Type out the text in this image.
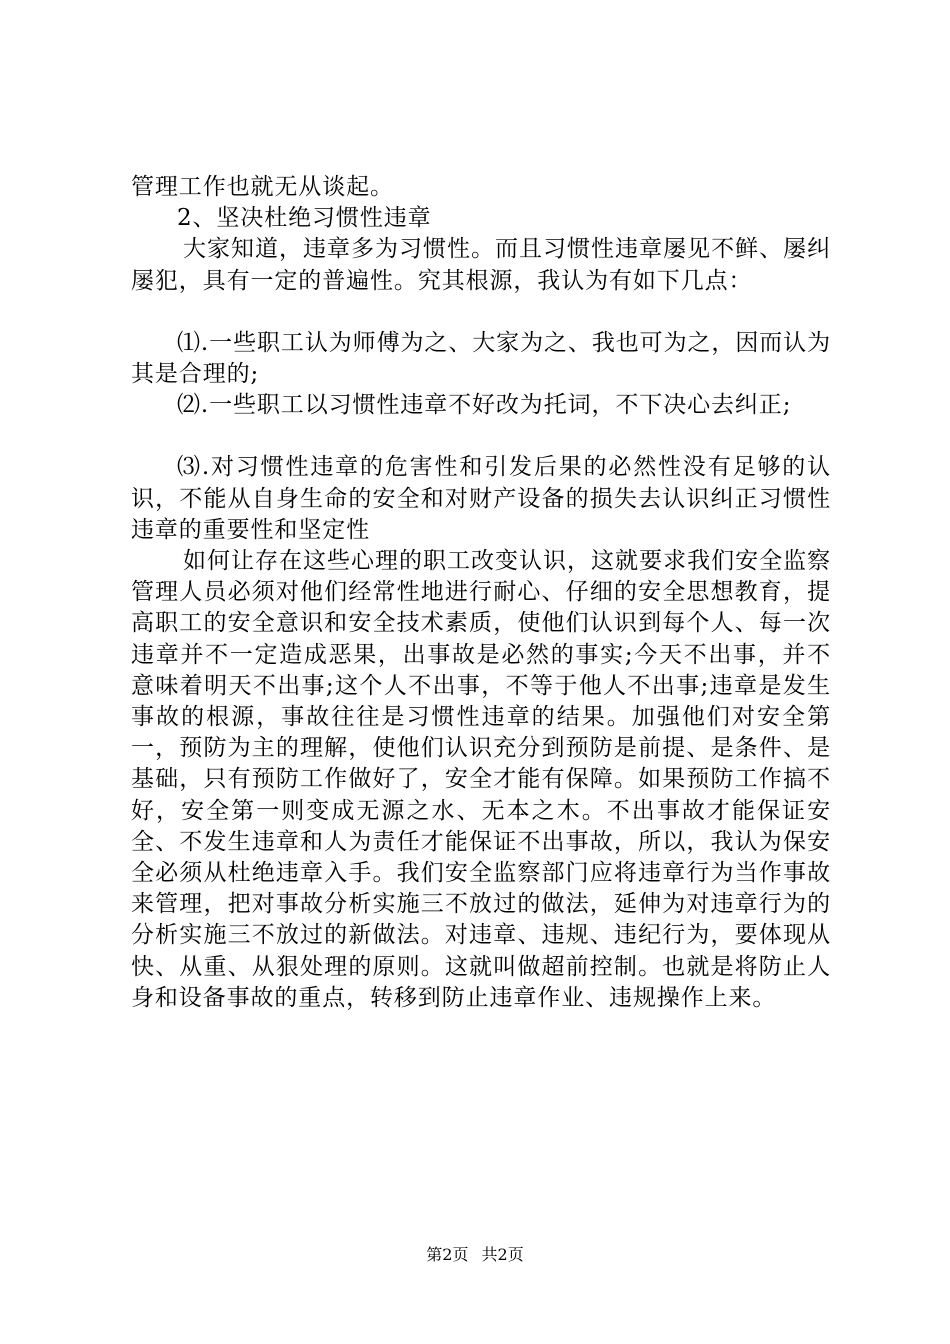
管理工作也就无从谈起。

2、坚决杜绝习惯性违章

大家知道，违章多为习惯性。而且习惯性违章屡见不鲜、屡纠屡犯，具有一定的普遍性。究其根源，我认为有如下几点：

⑴.一些职工认为师傅为之、大家为之、我也可为之，因而认为其是合理的;

⑵.一些职工以习惯性违章不好改为托词，不下决心去纠正;

⑶.对习惯性违章的危害性和引发后果的必然性没有足够的认识，不能从自身生命的安全和对财产设备的损失去认识纠正习惯性违章的重要性和坚定性

如何让存在这些心理的职工改变认识，这就要求我们安全监察管理人员必须对他们经常性地进行耐心、仔细的安全思想教育，提高职工的安全意识和安全技术素质，使他们认识到每个人、每一次违章并不一定造成恶果，出事故是必然的事实;今天不出事，并不意味着明天不出事;这个人不出事，不等于他人不出事;违章是发生事故的根源，事故往往是习惯性违章的结果。加强他们对安全第一，预防为主的理解，使他们认识充分到预防是前提、是条件、是基础，只有预防工作做好了，安全才能有保障。如果预防工作搞不好，安全第一则变成无源之水、无本之木。不出事故才能保证安全、不发生违章和人为责任才能保证不出事故，所以，我认为保安全必须从杜绝违章入手。我们安全监察部门应将违章行为当作事故来管理，把对事故分析实施三不放过的做法，延伸为对违章行为的分析实施三不放过的新做法。对违章、违规、违纪行为，要体现从快、从重、从狠处理的原则。这就叫做超前控制。也就是将防止人身和设备事故的重点，转移到防止违章作业、违规操作上来。

第2页 共2页
